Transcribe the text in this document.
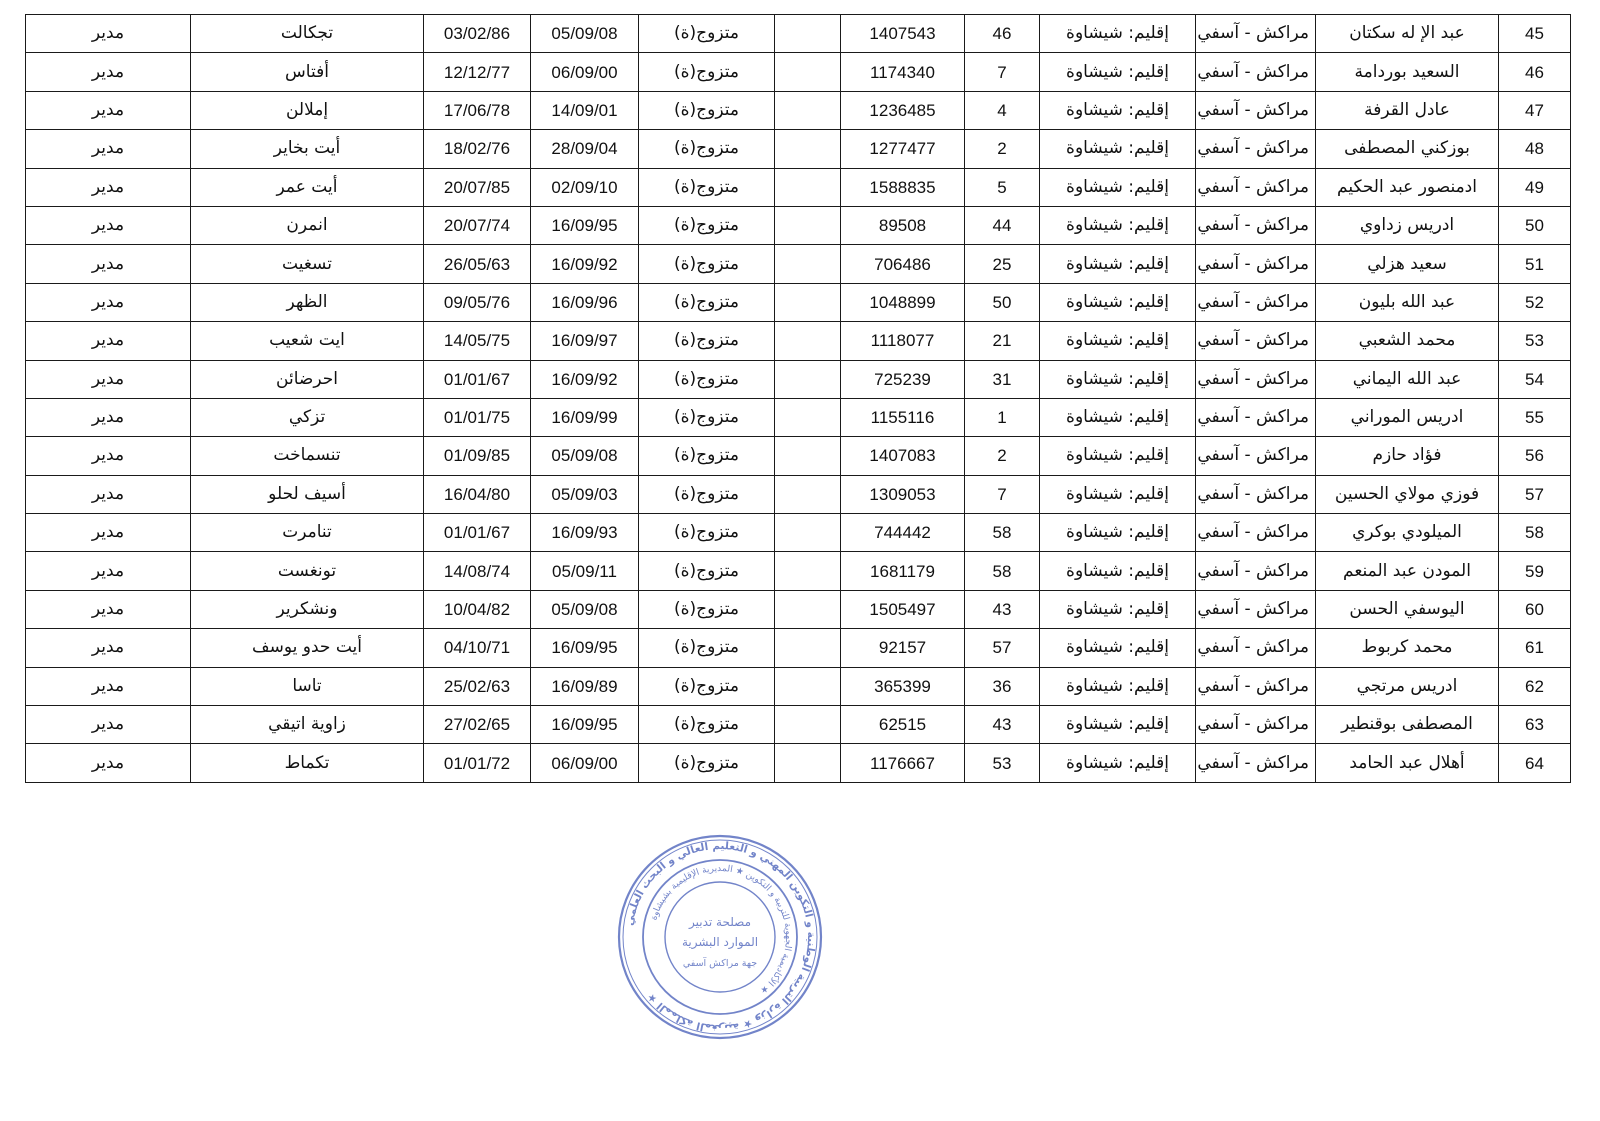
مدير	تجكالت	03/02/86	05/09/08	متزوج(ة)		1407543	46	إقليم: شيشاوة	مراكش - آسفي	عبد الإ له سكتان	45
مدير	أفتاس	12/12/77	06/09/00	متزوج(ة)		1174340	7	إقليم: شيشاوة	مراكش - آسفي	السعيد بوردامة	46
مدير	إملالن	17/06/78	14/09/01	متزوج(ة)		1236485	4	إقليم: شيشاوة	مراكش - آسفي	عادل القرفة	47
مدير	أيت بخاير	18/02/76	28/09/04	متزوج(ة)		1277477	2	إقليم: شيشاوة	مراكش - آسفي	بوزكني المصطفى	48
مدير	أيت عمر	20/07/85	02/09/10	متزوج(ة)		1588835	5	إقليم: شيشاوة	مراكش - آسفي	ادمنصور عبد الحكيم	49
مدير	انمرن	20/07/74	16/09/95	متزوج(ة)		89508	44	إقليم: شيشاوة	مراكش - آسفي	ادريس زداوي	50
مدير	تسغيت	26/05/63	16/09/92	متزوج(ة)		706486	25	إقليم: شيشاوة	مراكش - آسفي	سعيد هزلي	51
مدير	الظهر	09/05/76	16/09/96	متزوج(ة)		1048899	50	إقليم: شيشاوة	مراكش - آسفي	عبد الله بليون	52
مدير	ايت شعيب	14/05/75	16/09/97	متزوج(ة)		1118077	21	إقليم: شيشاوة	مراكش - آسفي	محمد الشعبي	53
مدير	احرضائن	01/01/67	16/09/92	متزوج(ة)		725239	31	إقليم: شيشاوة	مراكش - آسفي	عبد الله اليماني	54
مدير	تزكي	01/01/75	16/09/99	متزوج(ة)		1155116	1	إقليم: شيشاوة	مراكش - آسفي	ادريس الموراني	55
مدير	تنسماخت	01/09/85	05/09/08	متزوج(ة)		1407083	2	إقليم: شيشاوة	مراكش - آسفي	فؤاد حازم	56
مدير	أسيف لحلو	16/04/80	05/09/03	متزوج(ة)		1309053	7	إقليم: شيشاوة	مراكش - آسفي	فوزي مولاي الحسين	57
مدير	تنامرت	01/01/67	16/09/93	متزوج(ة)		744442	58	إقليم: شيشاوة	مراكش - آسفي	الميلودي بوكري	58
مدير	تونغست	14/08/74	05/09/11	متزوج(ة)		1681179	58	إقليم: شيشاوة	مراكش - آسفي	المودن عبد المنعم	59
مدير	ونشكرير	10/04/82	05/09/08	متزوج(ة)		1505497	43	إقليم: شيشاوة	مراكش - آسفي	اليوسفي الحسن	60
مدير	أيت حدو يوسف	04/10/71	16/09/95	متزوج(ة)		92157	57	إقليم: شيشاوة	مراكش - آسفي	محمد كربوط	61
مدير	تاسا	25/02/63	16/09/89	متزوج(ة)		365399	36	إقليم: شيشاوة	مراكش - آسفي	ادريس مرتجي	62
مدير	زاوية اتيقي	27/02/65	16/09/95	متزوج(ة)		62515	43	إقليم: شيشاوة	مراكش - آسفي	المصطفى بوقنطير	63
مدير	تكماط	01/01/72	06/09/00	متزوج(ة)		1176667	53	إقليم: شيشاوة	مراكش - آسفي	أهلال عبد الحامد	64
المملكة المغربية ★ وزارة التربية الوطنية و التكوين المهني و التعليم العالي و البحث العلمي ★
الأكاديمية الجهوية للتربية و التكوين ★ المديرية الإقليمية بشيشاوة ★
مصلحة تدبير
الموارد البشرية
جهة مراكش آسفي
